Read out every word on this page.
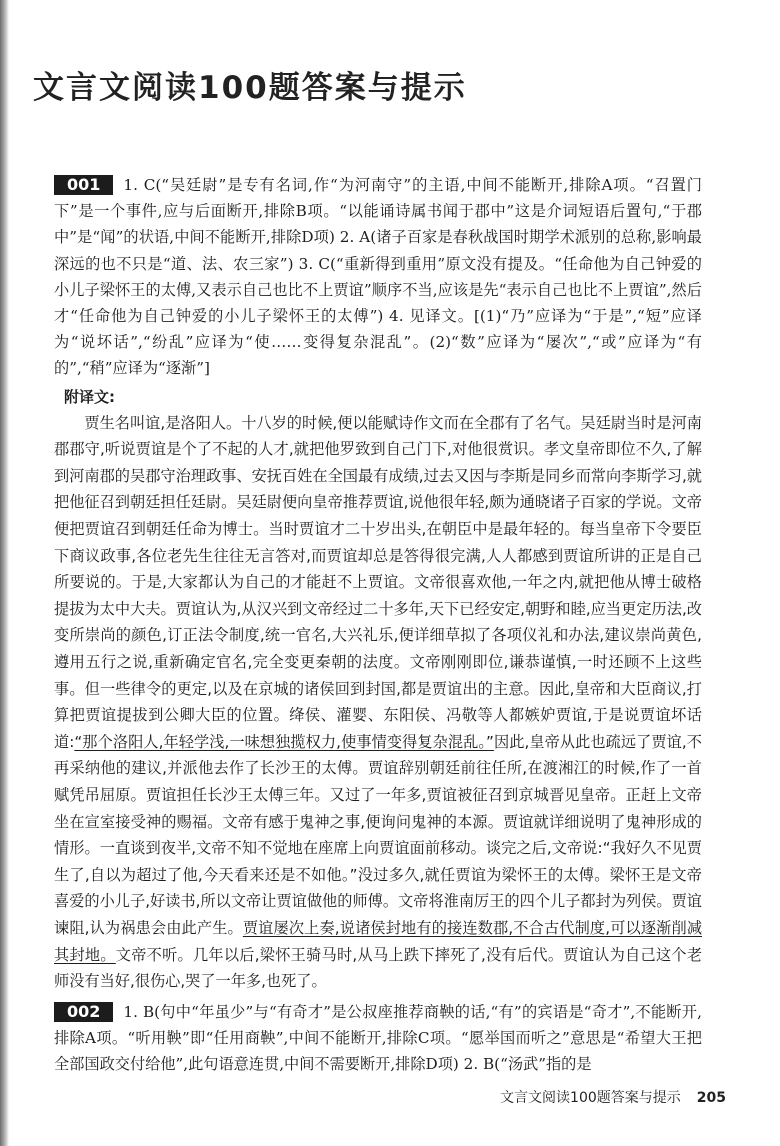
文言文阅读100题答案与提示

001 1. C(“吴廷尉”是专有名词,作“为河南守”的主语,中间不能断开,排除A项。“召置门下”是一个事件,应与后面断开,排除B项。“以能诵诗属书闻于郡中”这是介词短语后置句,“于郡中”是“闻”的状语,中间不能断开,排除D项) 2. A(诸子百家是春秋战国时期学术派别的总称,影响最深远的也不只是“道、法、农三家”) 3. C(“重新得到重用”原文没有提及。“任命他为自己钟爱的小儿子梁怀王的太傅,又表示自己也比不上贾谊”顺序不当,应该是先“表示自己也比不上贾谊”,然后才“任命他为自己钟爱的小儿子梁怀王的太傅”) 4. 见译文。[(1)“乃”应译为“于是”,“短”应译为“说坏话”,“纷乱”应译为“使……变得复杂混乱”。(2)“数”应译为“屡次”,“或”应译为“有的”,“稍”应译为“逐渐”]

附译文:

贾生名叫谊,是洛阳人。十八岁的时候,便以能赋诗作文而在全郡有了名气。吴廷尉当时是河南郡郡守,听说贾谊是个了不起的人才,就把他罗致到自己门下,对他很赏识。孝文皇帝即位不久,了解到河南郡的吴郡守治理政事、安抚百姓在全国最有成绩,过去又因与李斯是同乡而常向李斯学习,就把他征召到朝廷担任廷尉。吴廷尉便向皇帝推荐贾谊,说他很年轻,颇为通晓诸子百家的学说。文帝便把贾谊召到朝廷任命为博士。当时贾谊才二十岁出头,在朝臣中是最年轻的。每当皇帝下令要臣下商议政事,各位老先生往往无言答对,而贾谊却总是答得很完满,人人都感到贾谊所讲的正是自己所要说的。于是,大家都认为自己的才能赶不上贾谊。文帝很喜欢他,一年之内,就把他从博士破格提拔为太中大夫。贾谊认为,从汉兴到文帝经过二十多年,天下已经安定,朝野和睦,应当更定历法,改变所崇尚的颜色,订正法令制度,统一官名,大兴礼乐,便详细草拟了各项仪礼和办法,建议崇尚黄色,遵用五行之说,重新确定官名,完全变更秦朝的法度。文帝刚刚即位,谦恭谨慎,一时还顾不上这些事。但一些律令的更定,以及在京城的诸侯回到封国,都是贾谊出的主意。因此,皇帝和大臣商议,打算把贾谊提拔到公卿大臣的位置。绛侯、灌婴、东阳侯、冯敬等人都嫉妒贾谊,于是说贾谊坏话道:“那个洛阳人,年轻学浅,一味想独揽权力,使事情变得复杂混乱。”因此,皇帝从此也疏远了贾谊,不再采纳他的建议,并派他去作了长沙王的太傅。贾谊辞别朝廷前往任所,在渡湘江的时候,作了一首赋凭吊屈原。贾谊担任长沙王太傅三年。又过了一年多,贾谊被征召到京城晋见皇帝。正赶上文帝坐在宣室接受神的赐福。文帝有感于鬼神之事,便询问鬼神的本源。贾谊就详细说明了鬼神形成的情形。一直谈到夜半,文帝不知不觉地在座席上向贾谊面前移动。谈完之后,文帝说:“我好久不见贾生了,自以为超过了他,今天看来还是不如他。”没过多久,就任贾谊为梁怀王的太傅。梁怀王是文帝喜爱的小儿子,好读书,所以文帝让贾谊做他的师傅。文帝将淮南厉王的四个儿子都封为列侯。贾谊谏阻,认为祸患会由此产生。贾谊屡次上奏,说诸侯封地有的接连数郡,不合古代制度,可以逐渐削减其封地。文帝不听。几年以后,梁怀王骑马时,从马上跌下摔死了,没有后代。贾谊认为自己这个老师没有当好,很伤心,哭了一年多,也死了。

002 1. B(句中“年虽少”与“有奇才”是公叔座推荐商鞅的话,“有”的宾语是“奇才”,不能断开,排除A项。“听用鞅”即“任用商鞅”,中间不能断开,排除C项。“愿举国而听之”意思是“希望大王把全部国政交付给他”,此句语意连贯,中间不需要断开,排除D项) 2. B(“汤武”指的是

文言文阅读100题答案与提示 205
